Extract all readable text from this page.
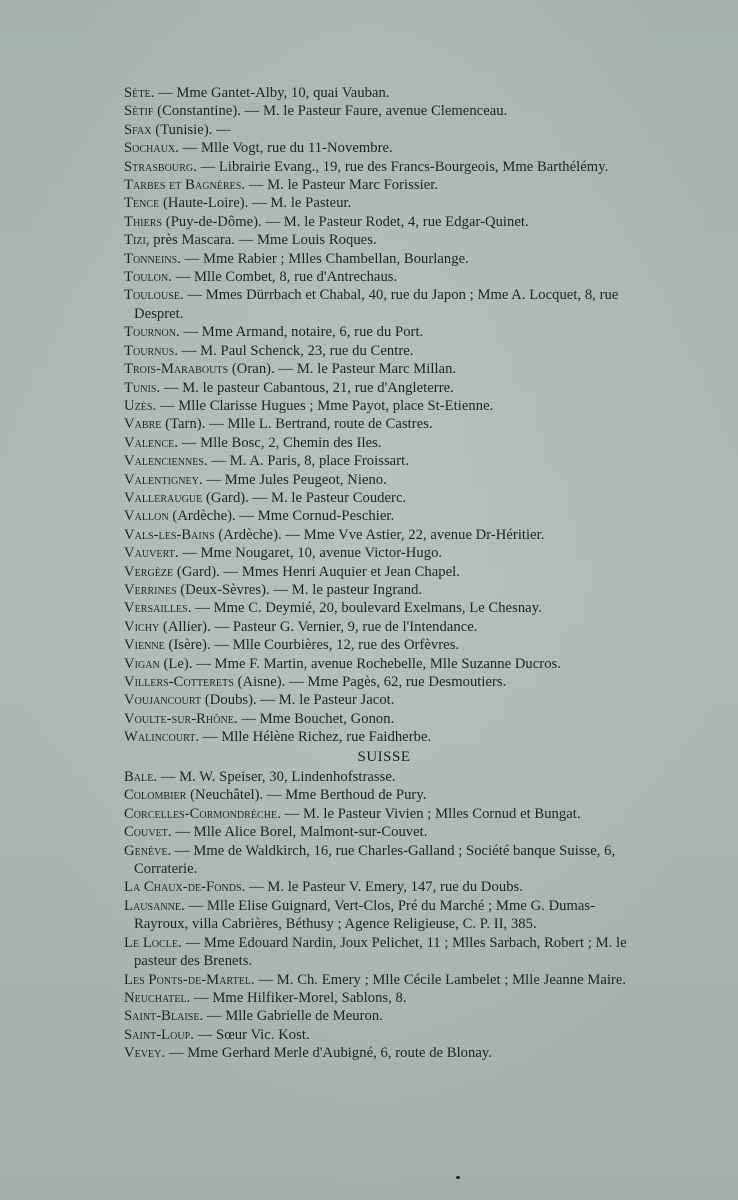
Sète. — Mme Gantet-Alby, 10, quai Vauban.

Sétif (Constantine). — M. le Pasteur Faure, avenue Clemenceau.

Sfax (Tunisie). —

Sochaux. — Mlle Vogt, rue du 11-Novembre.

Strasbourg. — Librairie Evang., 19, rue des Francs-Bourgeois, Mme Barthélémy.

Tarbes et Bagnères. — M. le Pasteur Marc Forissier.

Tence (Haute-Loire). — M. le Pasteur.

Thiers (Puy-de-Dôme). — M. le Pasteur Rodet, 4, rue Edgar-Quinet.

Tizi, près Mascara. — Mme Louis Roques.

Tonneins. — Mme Rabier ; Mlles Chambellan, Bourlange.

Toulon. — Mlle Combet, 8, rue d'Antrechaus.

Toulouse. — Mmes Dürrbach et Chabal, 40, rue du Japon ; Mme A. Locquet, 8, rue Despret.

Tournon. — Mme Armand, notaire, 6, rue du Port.

Tournus. — M. Paul Schenck, 23, rue du Centre.

Trois-Marabouts (Oran). — M. le Pasteur Marc Millan.

Tunis. — M. le pasteur Cabantous, 21, rue d'Angleterre.

Uzès. — Mlle Clarisse Hugues ; Mme Payot, place St-Etienne.

Vabre (Tarn). — Mlle L. Bertrand, route de Castres.

Valence. — Mlle Bosc, 2, Chemin des Iles.

Valenciennes. — M. A. Paris, 8, place Froissart.

Valentigney. — Mme Jules Peugeot, Nieno.

Valleraugue (Gard). — M. le Pasteur Couderc.

Vallon (Ardèche). — Mme Cornud-Peschier.

Vals-les-Bains (Ardèche). — Mme Vve Astier, 22, avenue Dr-Héritier.

Vauvert. — Mme Nougaret, 10, avenue Victor-Hugo.

Vergèze (Gard). — Mmes Henri Auquier et Jean Chapel.

Verrines (Deux-Sèvres). — M. le pasteur Ingrand.

Versailles. — Mme C. Deymié, 20, boulevard Exelmans, Le Chesnay.

Vichy (Allier). — Pasteur G. Vernier, 9, rue de l'Intendance.

Vienne (Isère). — Mlle Courbières, 12, rue des Orfèvres.

Vigan (Le). — Mme F. Martin, avenue Rochebelle, Mlle Suzanne Ducros.

Villers-Cotterets (Aisne). — Mme Pagès, 62, rue Desmoutiers.

Voujancourt (Doubs). — M. le Pasteur Jacot.

Voulte-sur-Rhône. — Mme Bouchet, Gonon.

Walincourt. — Mlle Hélène Richez, rue Faidherbe.

SUISSE

Bale. — M. W. Speiser, 30, Lindenhofstrasse.

Colombier (Neuchâtel). — Mme Berthoud de Pury.

Corcelles-Cormondrèche. — M. le Pasteur Vivien ; Mlles Cornud et Bungat.

Couvet. — Mlle Alice Borel, Malmont-sur-Couvet.

Genève. — Mme de Waldkirch, 16, rue Charles-Galland ; Société banque Suisse, 6, Corraterie.

La Chaux-de-Fonds. — M. le Pasteur V. Emery, 147, rue du Doubs.

Lausanne. — Mlle Elise Guignard, Vert-Clos, Pré du Marché ; Mme G. Dumas-Rayroux, villa Cabrières, Béthusy ; Agence Religieuse, C. P. II, 385.

Le Locle. — Mme Edouard Nardin, Joux Pelichet, 11 ; Mlles Sarbach, Robert ; M. le pasteur des Brenets.

Les Ponts-de-Martel. — M. Ch. Emery ; Mlle Cécile Lambelet ; Mlle Jeanne Maire.

Neuchatel. — Mme Hilfiker-Morel, Sablons, 8.

Saint-Blaise. — Mlle Gabrielle de Meuron.

Saint-Loup. — Sœur Vic. Kost.

Vevey. — Mme Gerhard Merle d'Aubigné, 6, route de Blonay.
